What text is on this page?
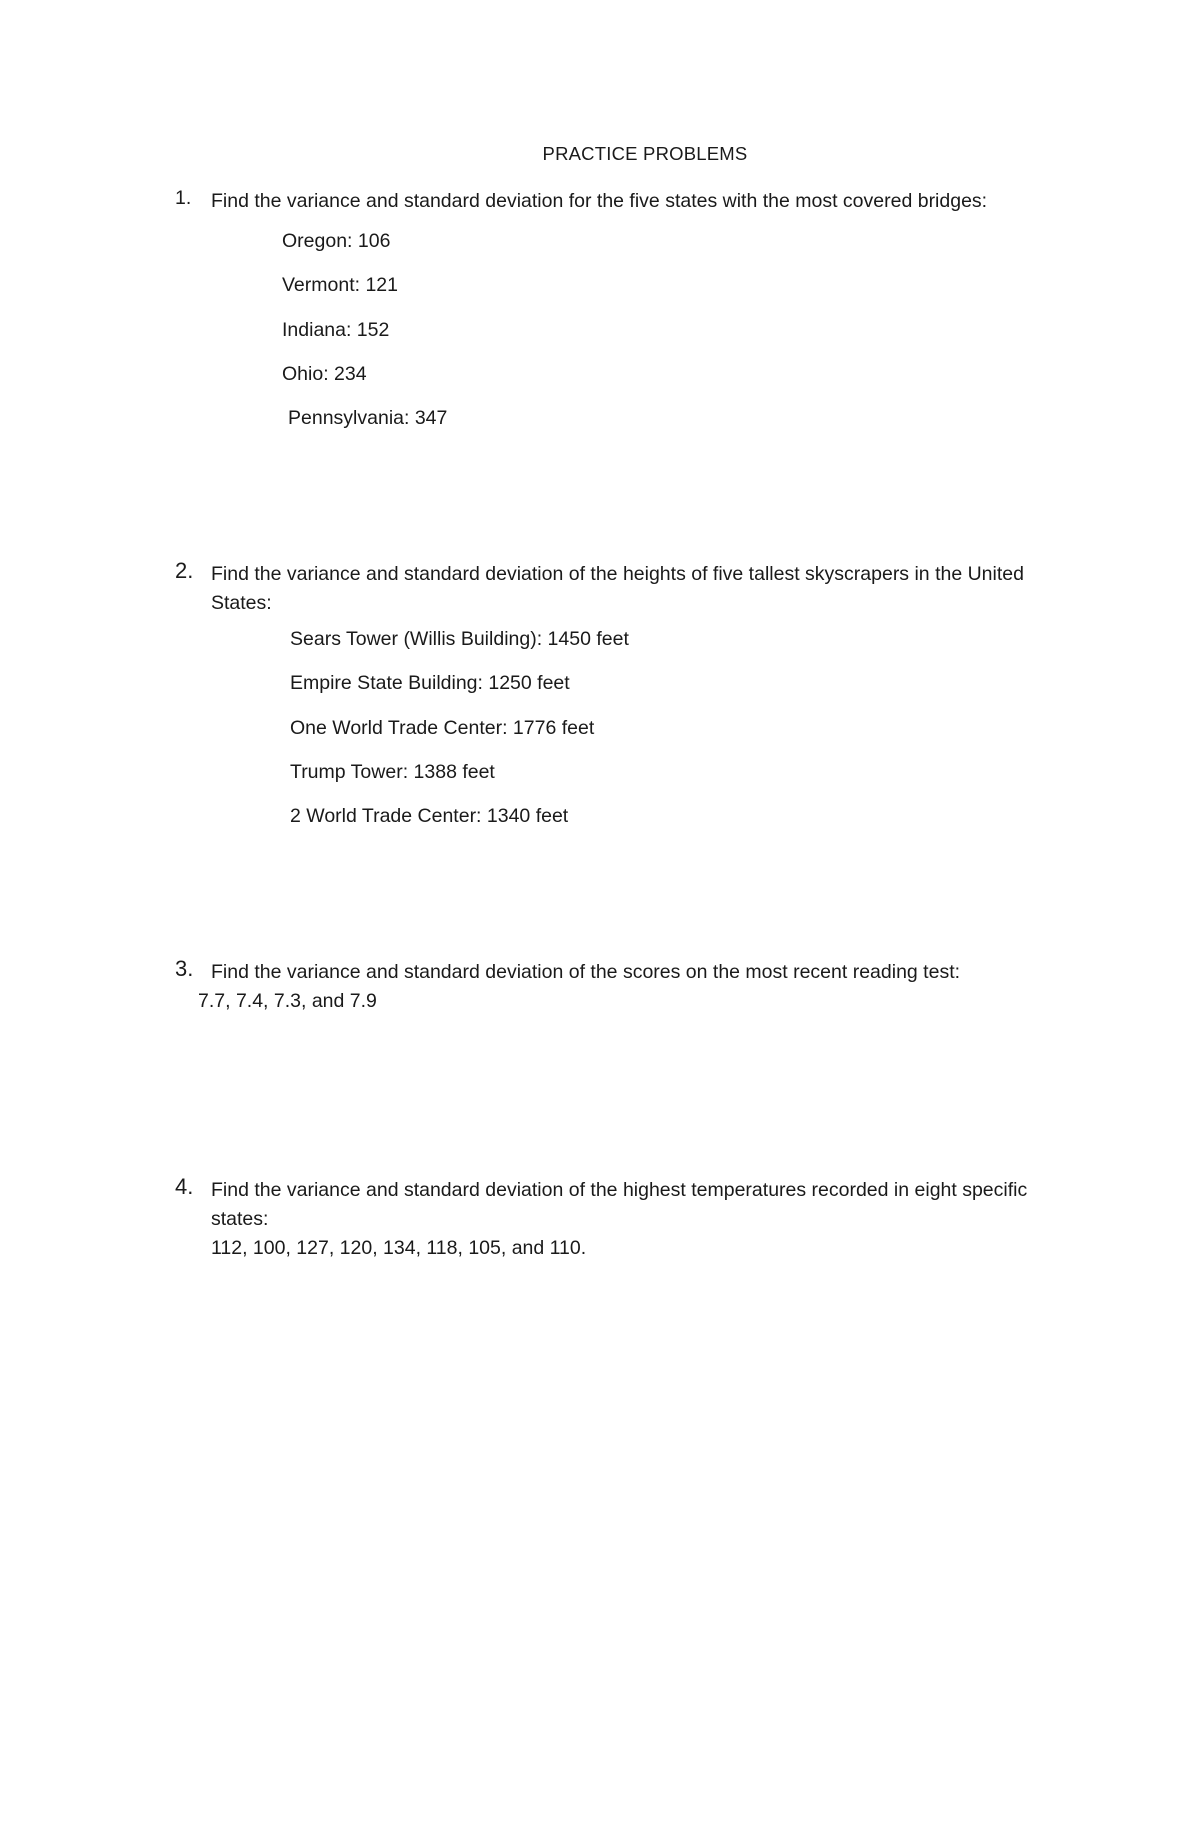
PRACTICE PROBLEMS
1. Find the variance and standard deviation for the five states with the most covered bridges:
Oregon: 106
Vermont: 121
Indiana: 152
Ohio: 234
Pennsylvania: 347
2. Find the variance and standard deviation of the heights of five tallest skyscrapers in the United States:
Sears Tower (Willis Building): 1450 feet
Empire State Building: 1250 feet
One World Trade Center: 1776 feet
Trump Tower: 1388 feet
2 World Trade Center: 1340 feet
3. Find the variance and standard deviation of the scores on the most recent reading test:
7.7, 7.4, 7.3, and 7.9
4. Find the variance and standard deviation of the highest temperatures recorded in eight specific states:
112, 100, 127, 120, 134, 118, 105, and 110.
